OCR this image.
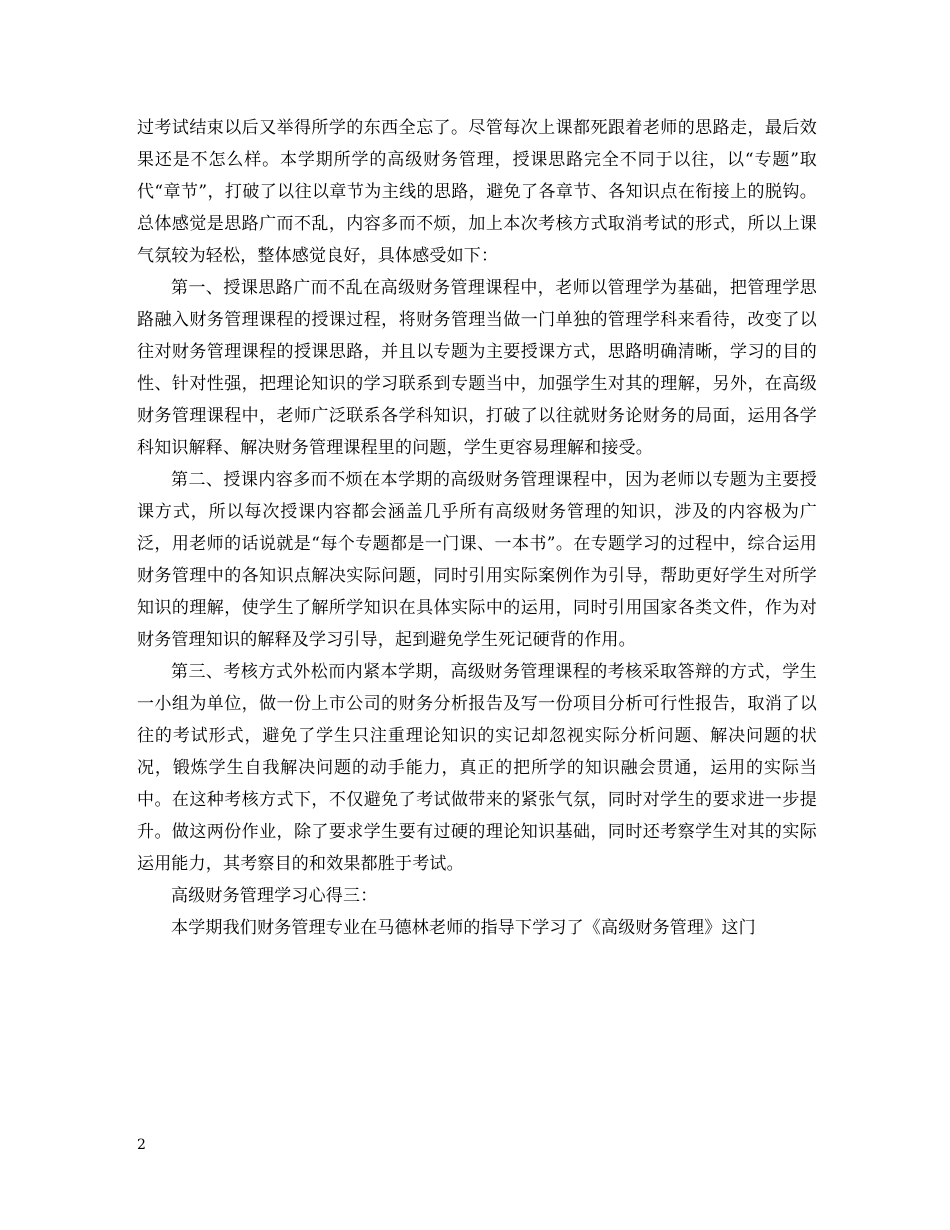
过考试结束以后又举得所学的东西全忘了。尽管每次上课都死跟着老师的思路走，最后效果还是不怎么样。本学期所学的高级财务管理，授课思路完全不同于以往，以“专题”取代“章节”，打破了以往以章节为主线的思路，避免了各章节、各知识点在衔接上的脱钩。总体感觉是思路广而不乱，内容多而不烦，加上本次考核方式取消考试的形式，所以上课气氛较为轻松，整体感觉良好，具体感受如下：

第一、授课思路广而不乱在高级财务管理课程中，老师以管理学为基础，把管理学思路融入财务管理课程的授课过程，将财务管理当做一门单独的管理学科来看待，改变了以往对财务管理课程的授课思路，并且以专题为主要授课方式，思路明确清晰，学习的目的性、针对性强，把理论知识的学习联系到专题当中，加强学生对其的理解，另外，在高级财务管理课程中，老师广泛联系各学科知识，打破了以往就财务论财务的局面，运用各学科知识解释、解决财务管理课程里的问题，学生更容易理解和接受。

第二、授课内容多而不烦在本学期的高级财务管理课程中，因为老师以专题为主要授课方式，所以每次授课内容都会涵盖几乎所有高级财务管理的知识，涉及的内容极为广泛，用老师的话说就是“每个专题都是一门课、一本书”。在专题学习的过程中，综合运用财务管理中的各知识点解决实际问题，同时引用实际案例作为引导，帮助更好学生对所学知识的理解，使学生了解所学知识在具体实际中的运用，同时引用国家各类文件，作为对财务管理知识的解释及学习引导，起到避免学生死记硬背的作用。

第三、考核方式外松而内紧本学期，高级财务管理课程的考核采取答辩的方式，学生一小组为单位，做一份上市公司的财务分析报告及写一份项目分析可行性报告，取消了以往的考试形式，避免了学生只注重理论知识的实记却忽视实际分析问题、解决问题的状况，锻炼学生自我解决问题的动手能力，真正的把所学的知识融会贯通，运用的实际当中。在这种考核方式下，不仅避免了考试做带来的紧张气氛，同时对学生的要求进一步提升。做这两份作业，除了要求学生要有过硬的理论知识基础，同时还考察学生对其的实际运用能力，其考察目的和效果都胜于考试。

高级财务管理学习心得三：

本学期我们财务管理专业在马德林老师的指导下学习了《高级财务管理》这门

2
